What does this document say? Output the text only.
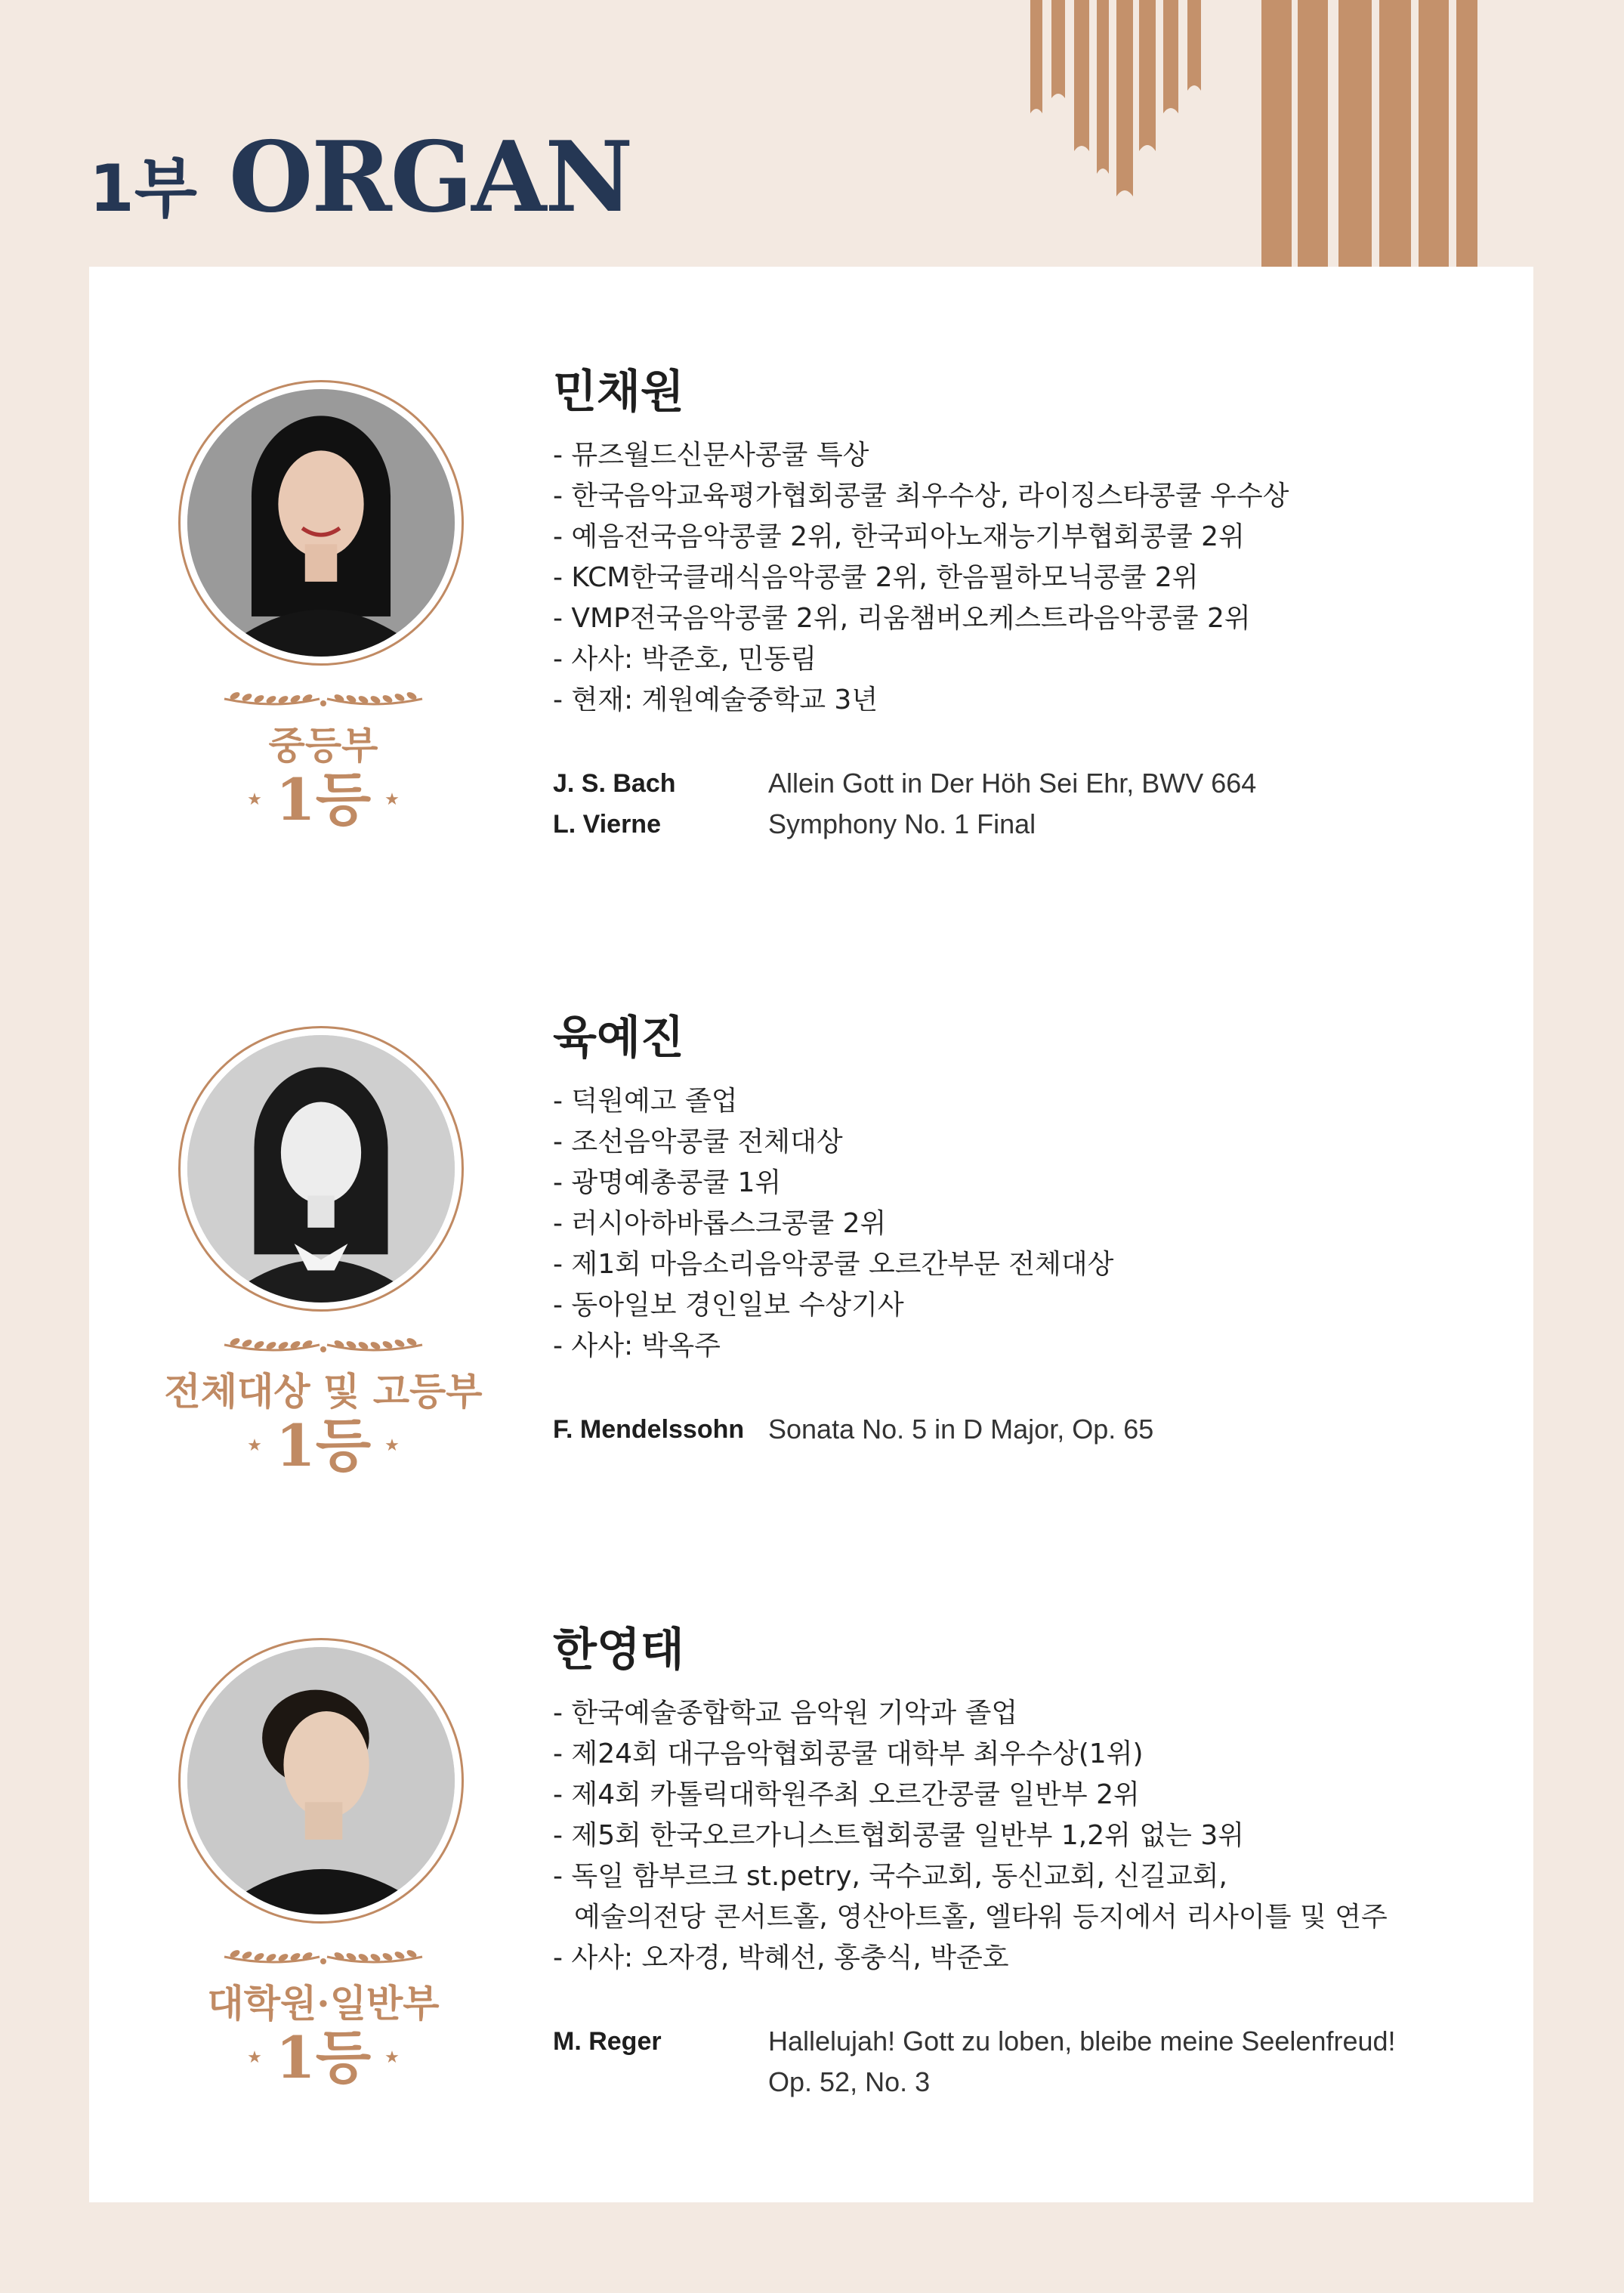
1부 ORGAN
중등부
★ 1등 ★
민채원
- 뮤즈월드신문사콩쿨 특상
- 한국음악교육평가협회콩쿨 최우수상, 라이징스타콩쿨 우수상
- 예음전국음악콩쿨 2위, 한국피아노재능기부협회콩쿨 2위
- KCM한국클래식음악콩쿨 2위, 한음필하모닉콩쿨 2위
- VMP전국음악콩쿨 2위, 리움챔버오케스트라음악콩쿨 2위
- 사사: 박준호, 민동림
- 현재: 계원예술중학교 3년
J. S. Bach	Allein Gott in Der Höh Sei Ehr, BWV 664
L. Vierne	Symphony No. 1 Final
전체대상 및 고등부
★ 1등 ★
육예진
- 덕원예고 졸업
- 조선음악콩쿨 전체대상
- 광명예총콩쿨 1위
- 러시아하바롭스크콩쿨 2위
- 제1회 마음소리음악콩쿨 오르간부문 전체대상
- 동아일보 경인일보 수상기사
- 사사: 박옥주
F. Mendelssohn Sonata No. 5 in D Major, Op. 65
대학원·일반부
★ 1등 ★
한영태
- 한국예술종합학교 음악원 기악과 졸업
- 제24회 대구음악협회콩쿨 대학부 최우수상(1위)
- 제4회 카톨릭대학원주최 오르간콩쿨 일반부 2위
- 제5회 한국오르가니스트협회콩쿨 일반부 1,2위 없는 3위
- 독일 함부르크 st.petry, 국수교회, 동신교회, 신길교회,
예술의전당 콘서트홀, 영산아트홀, 엘타워 등지에서 리사이틀 및 연주
- 사사: 오자경, 박혜선, 홍충식, 박준호
M. Reger	Hallelujah! Gott zu loben, bleibe meine Seelenfreud!
Op. 52, No. 3
